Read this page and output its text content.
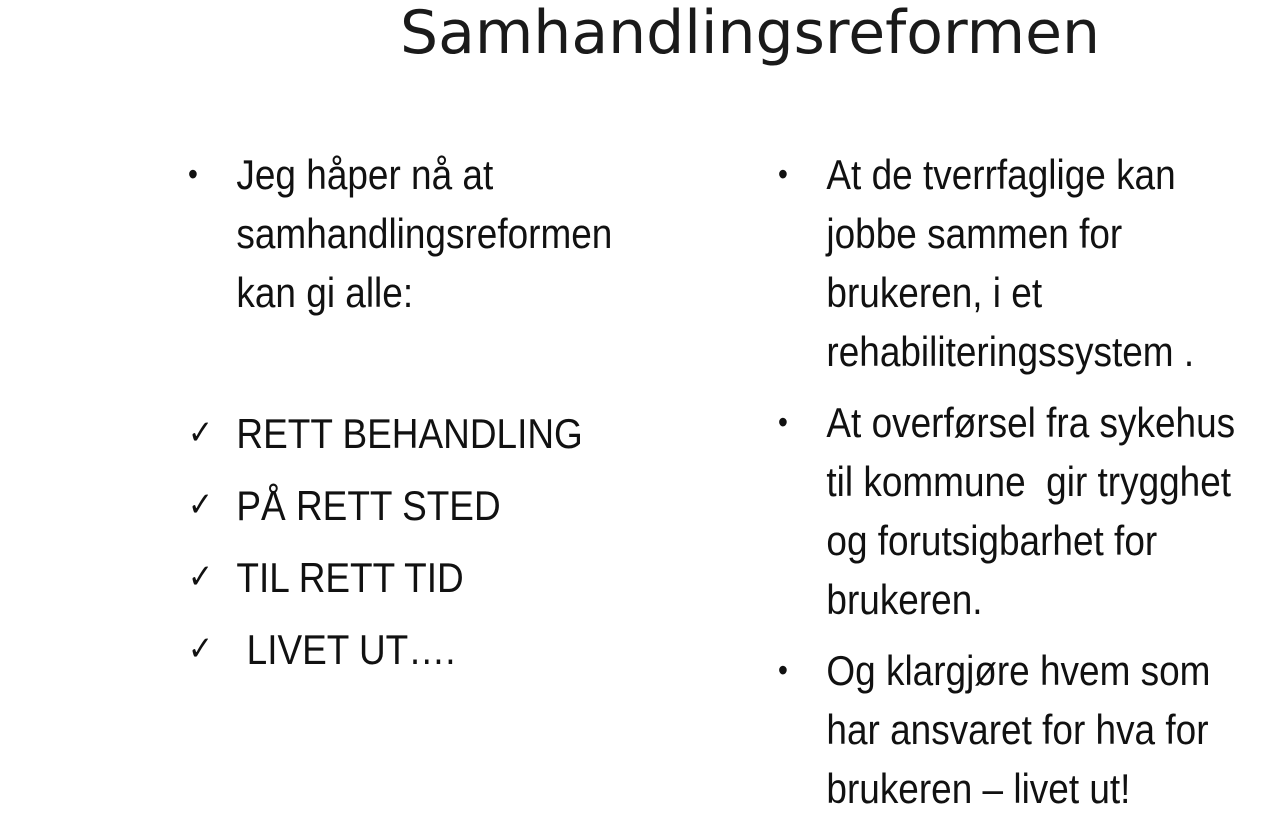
Samhandlingsreformen
• Jeg håper nå at
samhandlingsreformen
kan gi alle:
✓ RETT BEHANDLING
✓ PÅ RETT STED
✓ TIL RETT TID
✓ LIVET UT….
• At de tverrfaglige kan
jobbe sammen for
brukeren, i et
rehabiliteringssystem .
• At overførsel fra sykehus
til kommune  gir trygghet
og forutsigbarhet for
brukeren.
• Og klargjøre hvem som
har ansvaret for hva for
brukeren – livet ut!
